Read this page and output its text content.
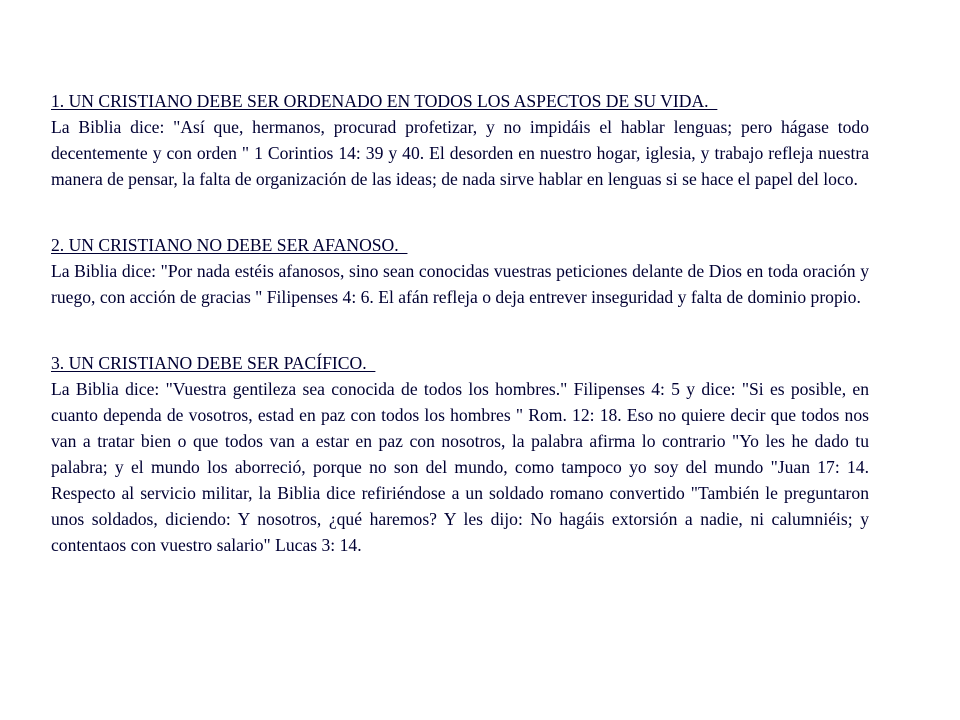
1. UN CRISTIANO DEBE SER ORDENADO EN TODOS LOS ASPECTOS DE SU VIDA.

La Biblia dice: "Así que, hermanos, procurad profetizar, y no impidáis el hablar lenguas; pero hágase todo decentemente y con orden " 1 Corintios 14: 39 y 40. El desorden en nuestro hogar, iglesia, y trabajo refleja nuestra manera de pensar, la falta de organización de las ideas; de nada sirve hablar en lenguas si se hace el papel del loco.

2. UN CRISTIANO NO DEBE SER AFANOSO.

La Biblia dice: "Por nada estéis afanosos, sino sean conocidas vuestras peticiones delante de Dios en toda oración y ruego, con acción de gracias " Filipenses 4: 6. El afán refleja o deja entrever inseguridad y falta de dominio propio.

3. UN CRISTIANO DEBE SER PACÍFICO.

La Biblia dice: "Vuestra gentileza sea conocida de todos los hombres." Filipenses 4: 5 y dice: "Si es posible, en cuanto dependa de vosotros, estad en paz con todos los hombres " Rom. 12: 18. Eso no quiere decir que todos nos van a tratar bien o que todos van a estar en paz con nosotros, la palabra afirma lo contrario "Yo les he dado tu palabra; y el mundo los aborreció, porque no son del mundo, como tampoco yo soy del mundo "Juan 17: 14. Respecto al servicio militar, la Biblia dice refiriéndose a un soldado romano convertido "También le preguntaron unos soldados, diciendo: Y nosotros, ¿qué haremos? Y les dijo: No hagáis extorsión a nadie, ni calumniéis; y contentaos con vuestro salario" Lucas 3: 14.
